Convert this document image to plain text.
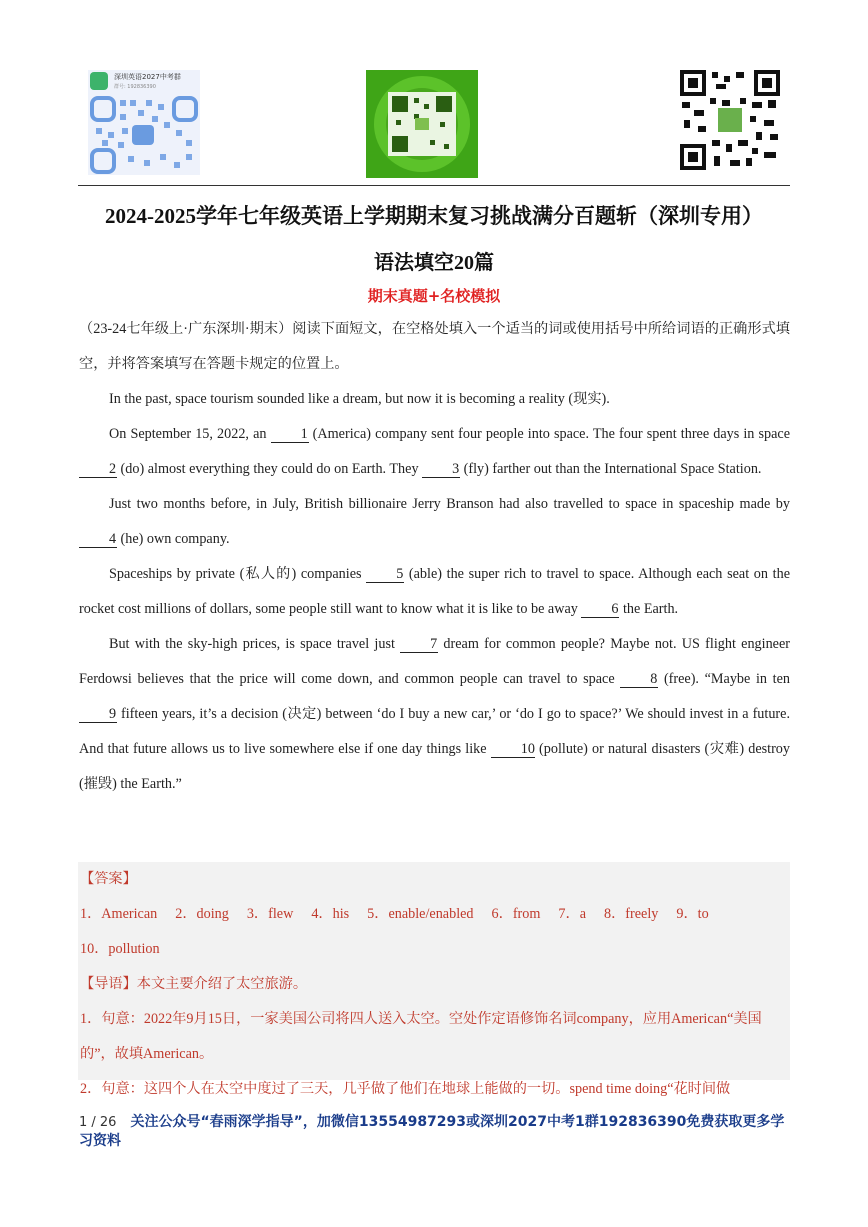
深圳英语2027中考群
群号: 192836390
2024-2025学年七年级英语上学期期末复习挑战满分百题斩（深圳专用）
语法填空20篇
期末真题+名校模拟

（23-24七年级上·广东深圳·期末）阅读下面短文，在空格处填入一个适当的词或使用括号中所给词语的正确形式填空，并将答案填写在答题卡规定的位置上。

In the past, space tourism sounded like a dream, but now it is becoming a reality (现实).

On September 15, 2022, an 1 (America) company sent four people into space. The four spent three days in space 2 (do) almost everything they could do on Earth. They 3 (fly) farther out than the International Space Station.

Just two months before, in July, British billionaire Jerry Branson had also travelled to space in spaceship made by 4 (he) own company.

Spaceships by private (私人的) companies 5 (able) the super rich to travel to space. Although each seat on the rocket cost millions of dollars, some people still want to know what it is like to be away 6 the Earth.

But with the sky-high prices, is space travel just 7 dream for common people? Maybe not. US flight engineer Ferdowsi believes that the price will come down, and common people can travel to space 8 (free). “Maybe in ten 9 fifteen years, it’s a decision (决定) between ‘do I buy a new car,’ or ‘do I go to space?’ We should invest in a future. And that future allows us to live somewhere else if one day things like 10 (pollute) or natural disasters (灾难) destroy (摧毁) the Earth.”

【答案】

1．American 2．doing 3．flew 4．his 5．enable/enabled 6．from 7．a 8．freely 9．to

10．pollution

【导语】本文主要介绍了太空旅游。

1．句意：2022年9月15日，一家美国公司将四人送入太空。空处作定语修饰名词company，应用American“美国的”，故填American。

2．句意：这四个人在太空中度过了三天，几乎做了他们在地球上能做的一切。spend time doing“花时间做

1 / 26 关注公众号“春雨深学指导”，加微信13554987293或深圳2027中考1群192836390免费获取更多学习资料
